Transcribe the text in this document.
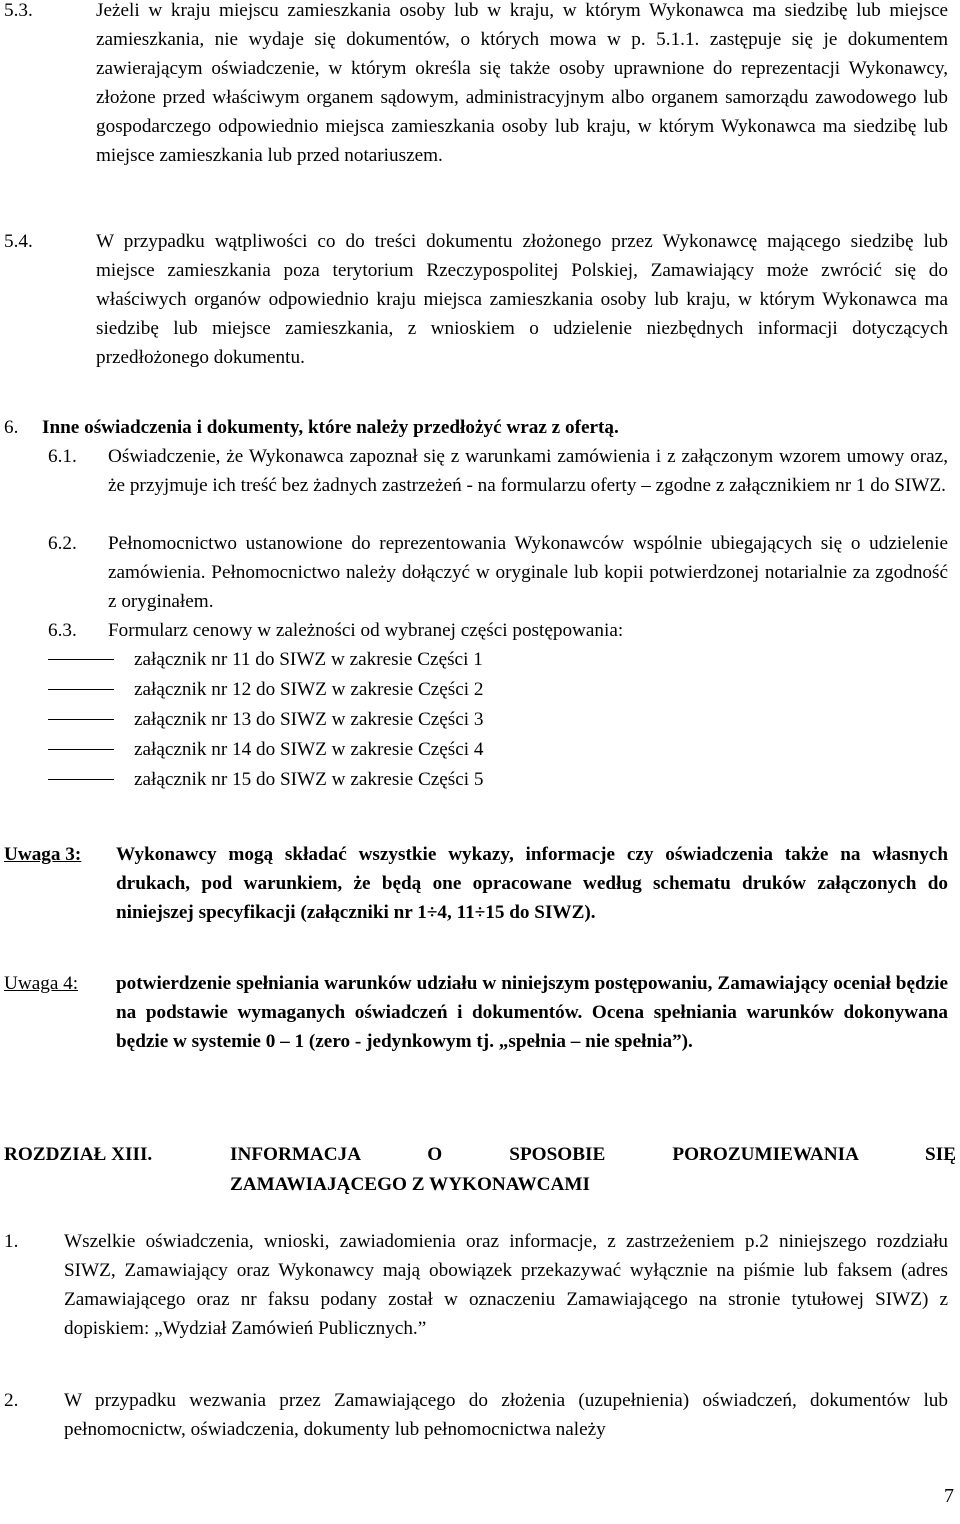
5.3.	Jeżeli w kraju miejscu zamieszkania osoby lub w kraju, w którym Wykonawca ma siedzibę lub miejsce zamieszkania, nie wydaje się dokumentów, o których mowa w p. 5.1.1. zastępuje się je dokumentem zawierającym oświadczenie, w którym określa się także osoby uprawnione do reprezentacji Wykonawcy, złożone przed właściwym organem sądowym, administracyjnym albo organem samorządu zawodowego lub gospodarczego odpowiednio miejsca zamieszkania osoby lub kraju, w którym Wykonawca ma siedzibę lub miejsce zamieszkania lub przed notariuszem.

5.4.	W przypadku wątpliwości co do treści dokumentu złożonego przez Wykonawcę mającego siedzibę lub miejsce zamieszkania poza terytorium Rzeczypospolitej Polskiej, Zamawiający może zwrócić się do właściwych organów odpowiednio kraju miejsca zamieszkania osoby lub kraju, w którym Wykonawca ma siedzibę lub miejsce zamieszkania, z wnioskiem o udzielenie niezbędnych informacji dotyczących przedłożonego dokumentu.

6.	Inne oświadczenia i dokumenty, które należy przedłożyć wraz z ofertą.

6.1.	Oświadczenie, że Wykonawca zapoznał się z warunkami zamówienia i z załączonym wzorem umowy oraz, że przyjmuje ich treść bez żadnych zastrzeżeń - na formularzu oferty – zgodne z załącznikiem nr 1 do SIWZ.

6.2.	Pełnomocnictwo ustanowione do reprezentowania Wykonawców wspólnie ubiegających się o udzielenie zamówienia. Pełnomocnictwo należy dołączyć w oryginale lub kopii potwierdzonej notarialnie za zgodność z oryginałem.

6.3.	Formularz cenowy w zależności od wybranej części postępowania:

załącznik nr 11 do SIWZ w zakresie Części 1

załącznik nr 12 do SIWZ w zakresie Części 2

załącznik nr 13 do SIWZ w zakresie Części 3

załącznik nr 14 do SIWZ w zakresie Części 4

załącznik nr 15 do SIWZ w zakresie Części 5

Uwaga 3: Wykonawcy mogą składać wszystkie wykazy, informacje czy oświadczenia także na własnych drukach, pod warunkiem, że będą one opracowane według schematu druków załączonych do niniejszej specyfikacji (załączniki nr 1÷4, 11÷15 do SIWZ).

Uwaga 4: potwierdzenie spełniania warunków udziału w niniejszym postępowaniu, Zamawiający oceniał będzie na podstawie wymaganych oświadczeń i dokumentów. Ocena spełniania warunków dokonywana będzie w systemie 0 – 1 (zero - jedynkowym tj. „spełnia – nie spełnia”).

ROZDZIAŁ XIII.	INFORMACJA O SPOSOBIE POROZUMIEWANIA SIĘ

ZAMAWIAJĄCEGO Z WYKONAWCAMI

1. Wszelkie oświadczenia, wnioski, zawiadomienia oraz informacje, z zastrzeżeniem p.2 niniejszego rozdziału SIWZ, Zamawiający oraz Wykonawcy mają obowiązek przekazywać wyłącznie na piśmie lub faksem (adres Zamawiającego oraz nr faksu podany został w oznaczeniu Zamawiającego na stronie tytułowej SIWZ) z dopiskiem: „Wydział Zamówień Publicznych.”

2. W przypadku wezwania przez Zamawiającego do złożenia (uzupełnienia) oświadczeń, dokumentów lub pełnomocnictw, oświadczenia, dokumenty lub pełnomocnictwa należy

7
